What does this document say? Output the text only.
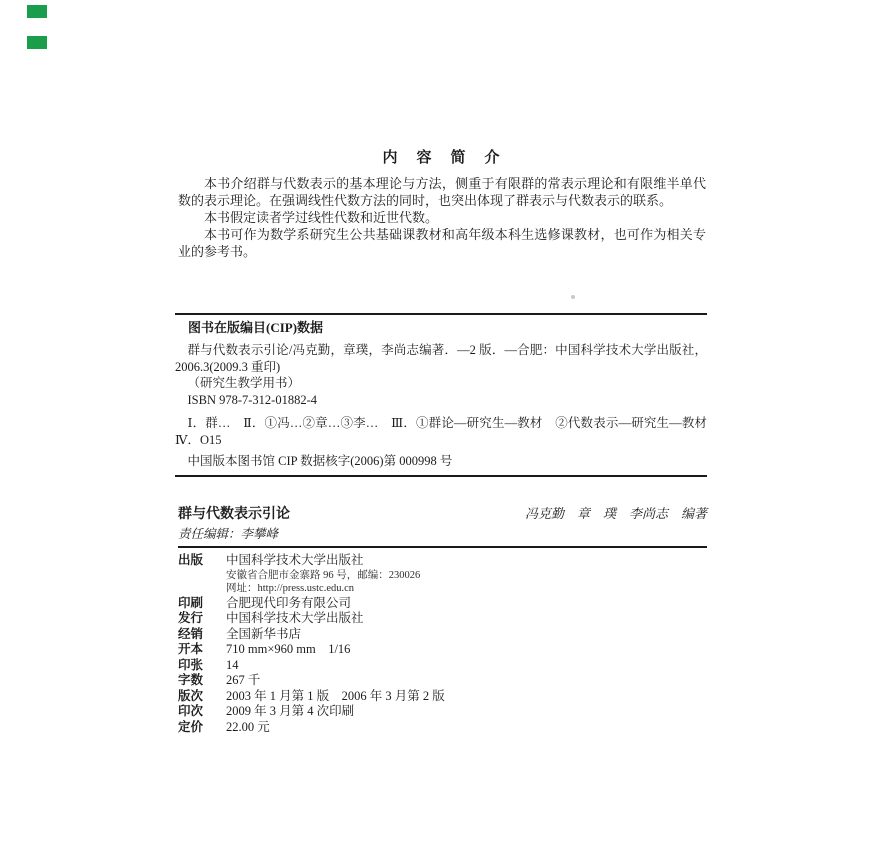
内　容　简　介

本书介绍群与代数表示的基本理论与方法，侧重于有限群的常表示理论和有限维半单代数的表示理论。在强调线性代数方法的同时，也突出体现了群表示与代数表示的联系。

本书假定读者学过线性代数和近世代数。

本书可作为数学系研究生公共基础课教材和高年级本科生选修课教材，也可作为相关专业的参考书。

图书在版编目(CIP)数据

群与代数表示引论/冯克勤，章璞，李尚志编著．—2 版．—合肥：中国科学技术大学出版社，2006.3(2009.3 重印)

（研究生教学用书）

ISBN 978-7-312-01882-4

Ⅰ．群…　Ⅱ．①冯…②章…③李…　Ⅲ．①群论—研究生—教材　②代数表示—研究生—教材　Ⅳ．O15

中国版本图书馆 CIP 数据核字(2006)第 000998 号

群与代数表示引论	冯克勤　章　璞　李尚志　编著
责任编辑：李攀峰
出版	中国科学技术大学出版社
安徽省合肥市金寨路 96 号，邮编：230026
网址：http://press.ustc.edu.cn
印刷	合肥现代印务有限公司
发行	中国科学技术大学出版社
经销	全国新华书店
开本	710 mm×960 mm　1/16
印张	14
字数	267 千
版次	2003 年 1 月第 1 版　2006 年 3 月第 2 版
印次	2009 年 3 月第 4 次印刷
定价	22.00 元
